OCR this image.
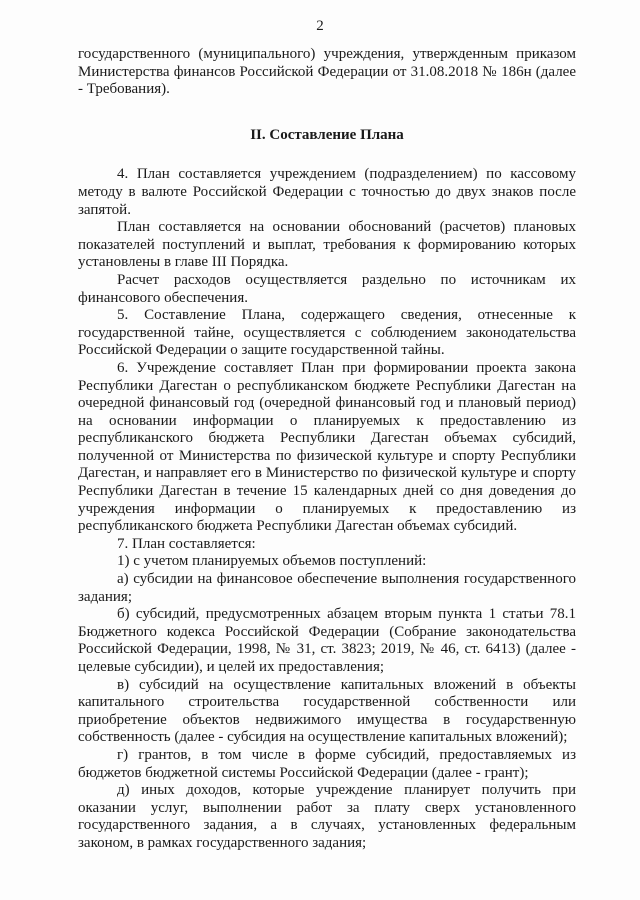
2

государственного (муниципального) учреждения, утвержденным приказом Министерства финансов Российской Федерации от 31.08.2018 № 186н (далее - Требования).

II. Составление Плана

4. План составляется учреждением (подразделением) по кассовому методу в валюте Российской Федерации с точностью до двух знаков после запятой.

План составляется на основании обоснований (расчетов) плановых показателей поступлений и выплат, требования к формированию которых установлены в главе III Порядка.

Расчет расходов осуществляется раздельно по источникам их финансового обеспечения.

5. Составление Плана, содержащего сведения, отнесенные к государственной тайне, осуществляется с соблюдением законодательства Российской Федерации о защите государственной тайны.

6. Учреждение составляет План при формировании проекта закона Республики Дагестан о республиканском бюджете Республики Дагестан на очередной финансовый год (очередной финансовый год и плановый период) на основании информации о планируемых к предоставлению из республиканского бюджета Республики Дагестан объемах субсидий, полученной от Министерства по физической культуре и спорту Республики Дагестан, и направляет его в Министерство по физической культуре и спорту Республики Дагестан в течение 15 календарных дней со дня доведения до учреждения информации о планируемых к предоставлению из республиканского бюджета Республики Дагестан объемах субсидий.

7. План составляется:

1) с учетом планируемых объемов поступлений:

а) субсидии на финансовое обеспечение выполнения государственного задания;

б) субсидий, предусмотренных абзацем вторым пункта 1 статьи 78.1 Бюджетного кодекса Российской Федерации (Собрание законодательства Российской Федерации, 1998, № 31, ст. 3823; 2019, № 46, ст. 6413) (далее - целевые субсидии), и целей их предоставления;

в) субсидий на осуществление капитальных вложений в объекты капитального строительства государственной собственности или приобретение объектов недвижимого имущества в государственную собственность (далее - субсидия на осуществление капитальных вложений);

г) грантов, в том числе в форме субсидий, предоставляемых из бюджетов бюджетной системы Российской Федерации (далее - грант);

д) иных доходов, которые учреждение планирует получить при оказании услуг, выполнении работ за плату сверх установленного государственного задания, а в случаях, установленных федеральным законом, в рамках государственного задания;
